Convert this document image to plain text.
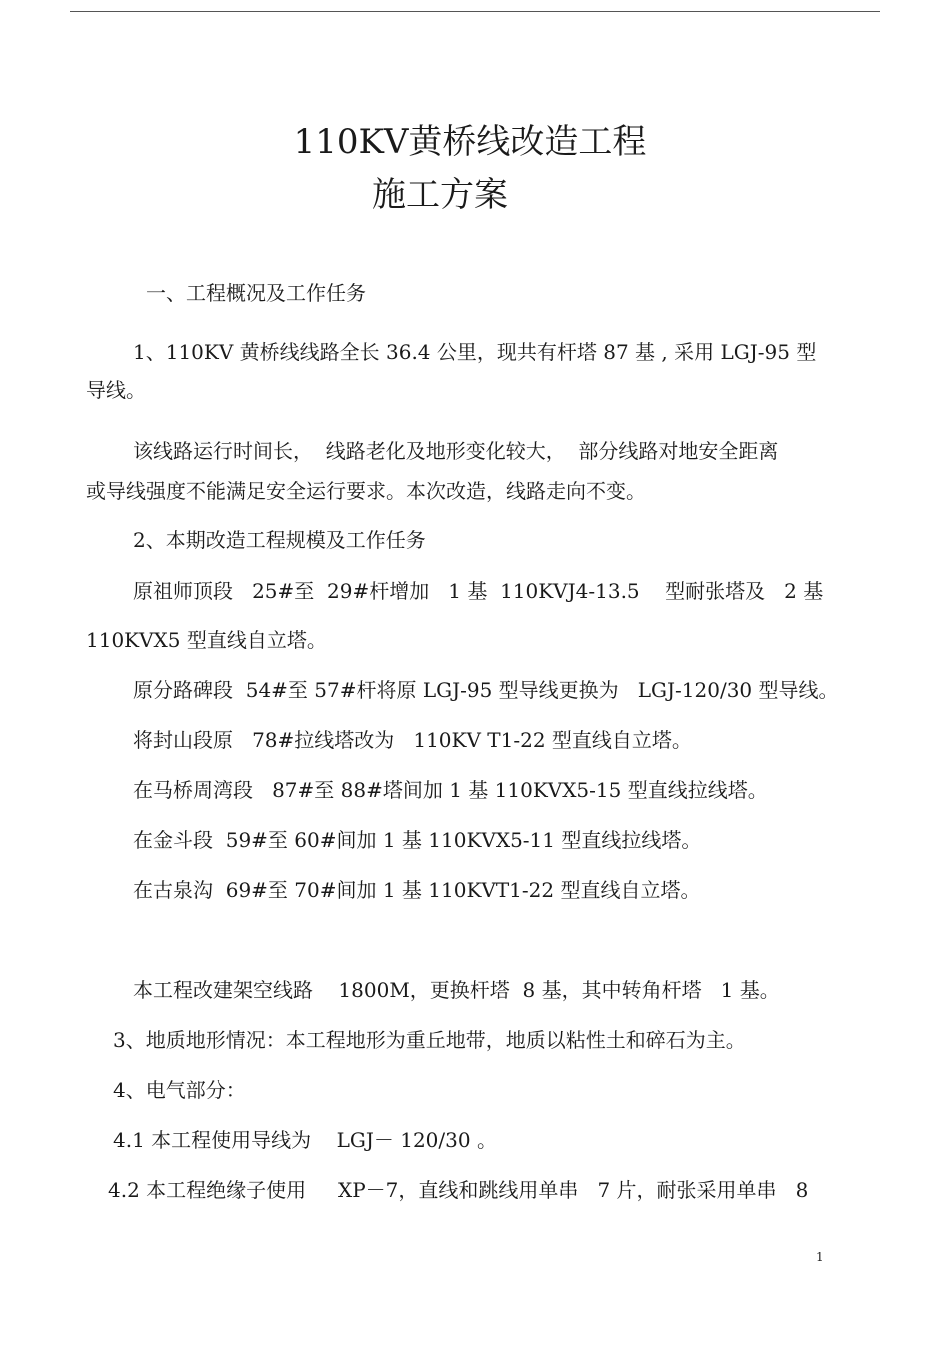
110KV黄桥线改造工程
施工方案

一、工程概况及工作任务

1、110KV 黄桥线线路全长 36.4 公里，现共有杆塔 87 基 , 采用 LGJ-95 型

导线。

该线路运行时间长，  线路老化及地形变化较大，  部分线路对地安全距离

或导线强度不能满足安全运行要求。本次改造，线路走向不变。

2、本期改造工程规模及工作任务

原祖师顶段   25#至  29#杆增加   1 基  110KVJ4-13.5    型耐张塔及   2 基

110KVX5 型直线自立塔。

原分路碑段  54#至 57#杆将原 LGJ-95 型导线更换为   LGJ-120/30 型导线。

将封山段原   78#拉线塔改为   110KV T1-22 型直线自立塔。

在马桥周湾段   87#至 88#塔间加 1 基 110KVX5-15 型直线拉线塔。

在金斗段  59#至 60#间加 1 基 110KVX5-11 型直线拉线塔。

在古泉沟  69#至 70#间加 1 基 110KVT1-22 型直线自立塔。

本工程改建架空线路    1800M，更换杆塔  8 基，其中转角杆塔   1 基。

3、地质地形情况：本工程地形为重丘地带，地质以粘性土和碎石为主。

4、电气部分：

4.1 本工程使用导线为    LGJ－ 120/30 。

4.2 本工程绝缘子使用     XP－7，直线和跳线用单串   7 片，耐张采用单串   8

1
